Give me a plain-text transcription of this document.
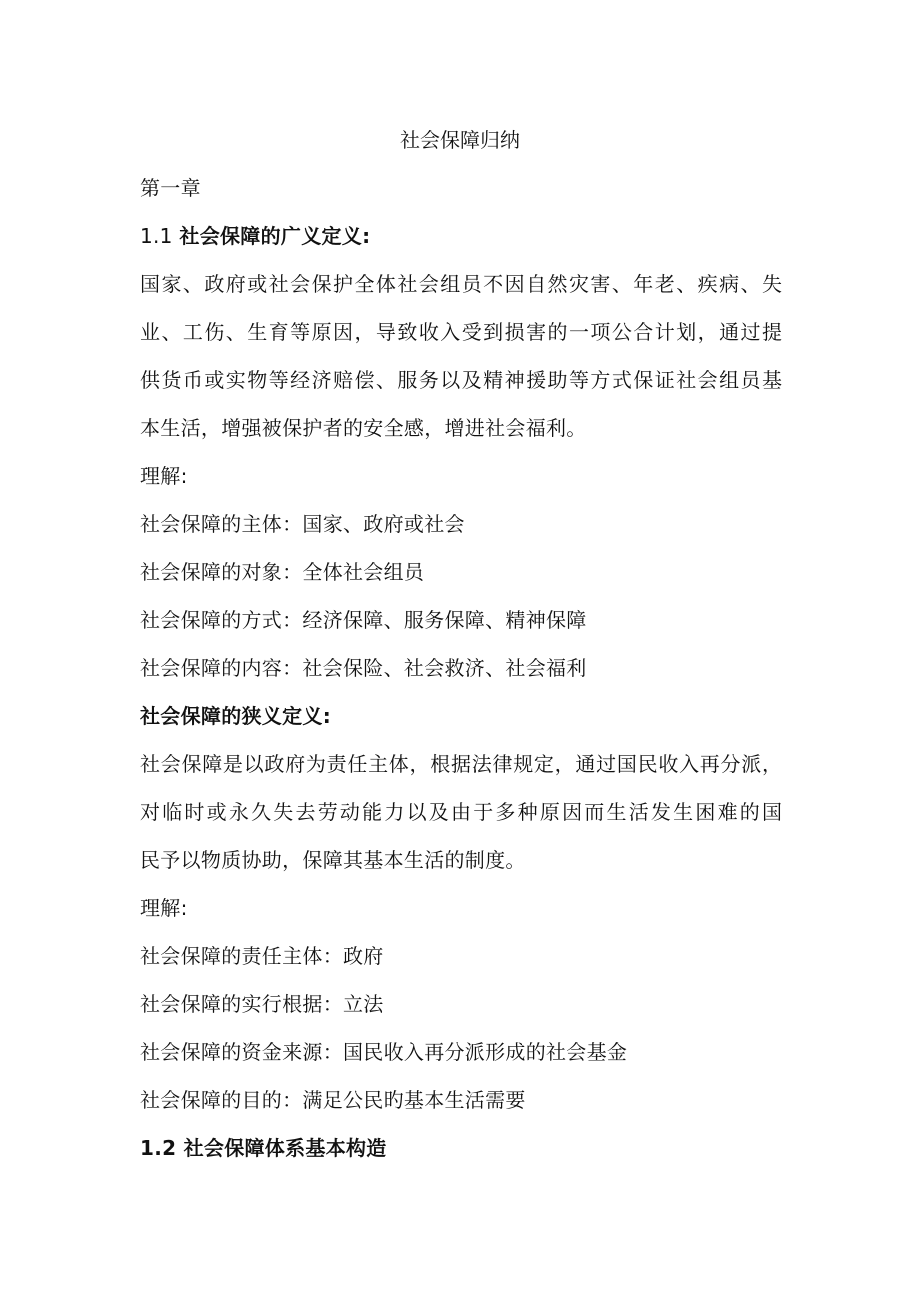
社会保障归纳
第一章
1.1 社会保障的广义定义:
国家、政府或社会保护全体社会组员不因自然灾害、年老、疾病、失
业、工伤、生育等原因，导致收入受到损害的一项公合计划，通过提
供货币或实物等经济赔偿、服务以及精神援助等方式保证社会组员基
本生活，增强被保护者的安全感，增进社会福利。
理解:
社会保障的主体：国家、政府或社会
社会保障的对象：全体社会组员
社会保障的方式：经济保障、服务保障、精神保障
社会保障的内容：社会保险、社会救济、社会福利
社会保障的狭义定义:
社会保障是以政府为责任主体，根据法律规定，通过国民收入再分派，
对临时或永久失去劳动能力以及由于多种原因而生活发生困难的国
民予以物质协助，保障其基本生活的制度。
理解:
社会保障的责任主体：政府
社会保障的实行根据：立法
社会保障的资金来源：国民收入再分派形成的社会基金
社会保障的目的：满足公民旳基本生活需要
1.2 社会保障体系基本构造
